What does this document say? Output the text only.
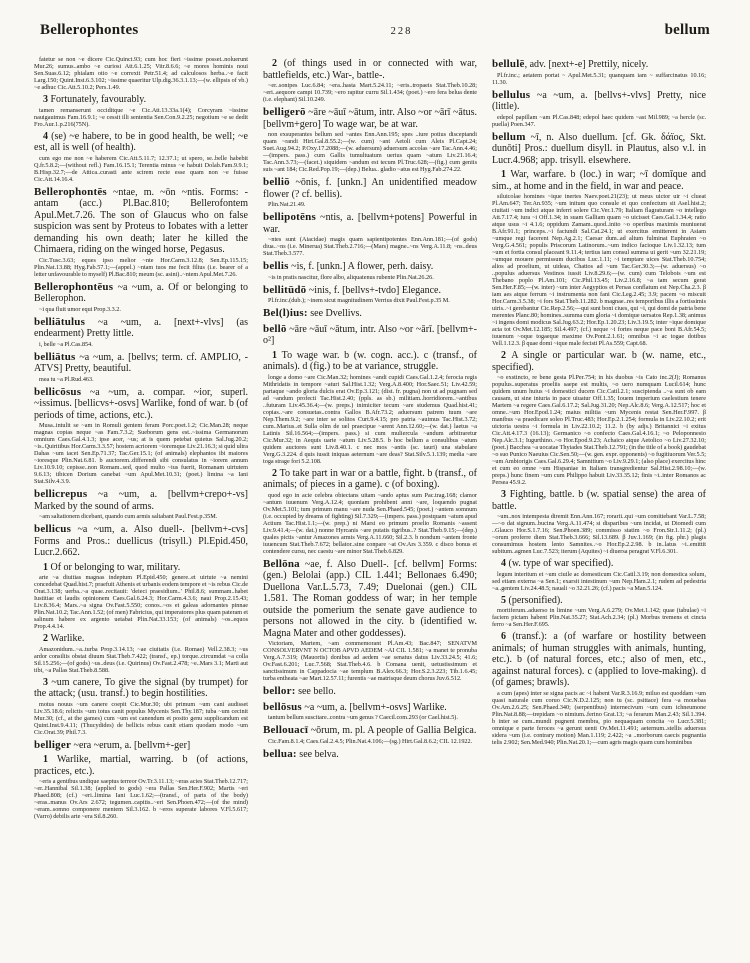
Bellerophontes	228	bellum

fatetur se non ~e dicere Cic.Quinct.93; cum hoc fieri ~issime posset..noluerunt Mur.26; sumus..ambo ~e curiosi Att.6.1.25; Vitr.8.6.6; ~e mores hominis noui Sen.Suas.6.12; phialam otio ~e correxit Petr.51.4; ad calculosos herba..~e facit Larg.150; Quint.Inst.6.3.102; ~issime quaeritur Ulp.dig.36.3.1.13;—(w. ellipsis of vb.) ~e adhuc Cic.Att.5.10.2; Pers.1.49.

3 Fortunately, favourably.

tamen remanserunt occiditque ~e Cic.Att.13.33a.1(4); Corcyram ~issime nauigauimus Fam.16.9.1; ~e cessit illi sententia Sen.Con.9.2.25; negotium ~e se dedit Fro.Aur.1.p.216(75N).

4 (se) ~e habere, to be in good health, be well; ~e est, all is well (of health).

cum ego me non ~e haberem Cic.Att.5.11.7; 12.37.1; ut spero, se..belle habebit Q.fr.5.8.2;—(without refl.) Fam.16.15.1; Terentia minus ~e habuit Dolab.Fam.9.9.1; B.Hisp.32.7;—de Attica..curasti ante scirem recte esse quam non ~e fuisse Cic.Att.14.16.4.

Bellerophontēs ~ntae, m. ~ōn ~ntis. Forms: -antam (acc.) Pl.Bac.810; Bellerofontem Apul.Met.7.26. The son of Glaucus who on false suspicion was sent by Proteus to Iobates with a letter demanding his own death; later he killed the Chimaera, riding on the winged horse, Pegasus.

Cic.Tusc.3.63; eques ipso melior ~nte Hor.Carm.3.12.8; Sen.Ep.115.15; Plin.Nat.13.88; Hyg.Fab.57.1;—(appel.) ~ntam tuos me fecit filius (i.e. bearer of a letter unfavourable to myself) Pl.Bac.810; meum (sc. asini)..~ntem Apul.Met.7.26.

Bellerophontēus ~a ~um, a. Of or belonging to Bellerophon.

~i qua fluit umor equi Prop.3.3.2.

belliātulus ~a ~um, a. [next+-vlvs] (as endearment) Pretty little.

i, belle ~a Pl.Cas.854.

belliātus ~a ~um, a. [bellvs; term. cf. AMPLIO, -ATVS] Pretty, beautiful.

mea tu ~a Pl.Rud.463.

bellicōsus ~a ~um, a. compar. ~ior, superl. ~issimus. [bellicvs+-osvs] Warlike, fond of war. b (of periods of time, actions, etc.).

Musa..intulit se ~am in Romuli gentem feram Porc.poet.1.2; Cic.Man.28; neque magnas copias neque ~as Fam.7.3.2; Sueborum gens est..~issima Germanorum omnium Caes.Gal.4.1.3; ipse acer, ~us; at is quem petebat quietus Sal.Jug.20.2; ~is..Quiritibus Hor.Carm.3.3.57; hostem acriorem ~ioremque Liv.21.16.3; si quid ultra Dahas ~um iacet Sen.Ep.71.37; Tac.Ger.15.1; (of animals) elephantos ibi maiores ~ioresque Plin.Nat.6.81. b auctorem..differendi sibi consulatus in ~iorem annum Liv.10.9.10; cepisse..non Romam..sed, quod multo ~ius fuerit, Romanam uirtutem 9.6.13; tibicen Dorium canebat ~um Apul.Met.10.31; (poet.) limina ~a Iani Stat.Silv.4.3.9.

bellicrepus ~a ~um, a. [bellvm+crepo+-vs] Marked by the sound of arms.

~am saltationem dicebant, quando cum armis saltabant Paul.Fest.p.35M.

bellicus ~a ~um, a. Also duell-. [bellvm+-cvs] Forms and Pros.: duellicus (trisyll.) Pl.Epid.450, Lucr.2.662.

1 Of or belonging to war, military.

arte ~a diuitias magnas indeptum Pl.Epid.450; genere..et uirtute ~a nemini concedebat Quad.hist.7; praefuit Athenis et urbanis eodem tempore et ~is rebus Cic.de Orat.3.138; uerba..~a quae..recitauit: 'deieci praesidium..' Phil.8.6; summam..habet Iustitiae et laudis opinionem Caes.Gal.6.24.3; Hor.Carm.4.3.6; naui Prop.2.15.43; Liv.8.36.4; Mars..~a signa Ov.Fast.5.550; conos..~os et galeas adornantes pinnae Plin.Nat.10.2; Tac.Ann.1.52; (of men) Fabricius, qui imperatores plus quam pateram et salinum habere ex argento uetabat Plin.Nat.33.153; (of animals) ~os..equos Prop.4.4.14.

2 Warlike.

Amazonidum..~a..turba Prop.3.14.13; ~ae ciuitatis (i.e. Romae) Vell.2.38.3; ~us ardor consiliis obstat diuum Stat.Theb.7.422; (transf., ep.) torque..circumdat ~a colla Sil.15.256;—(of gods) ~us..deus (i.e. Quirinus) Ov.Fast.2.478; ~e..Mars 3.1; Marti aut tibi, ~a Pallas Stat.Theb.8.588.

3 ~um canere, To give the signal (by trumpet) for the attack; (usu. transf.) to begin hostilities.

motus nouus ~um canere coepit Cic.Mur.30; ubi primum ~um cani audisset Liv.35.18.6; relictis ~um totus canit populus Mycenis Sen.Thy.187; tuba ~um cecinit Mur.30; (cf., at the games) cum ~um est canendum et posito genu supplicandum est Quint.Inst.9.4.11; (Thucydides) de bellicis rebus canit etiam quodam modo ~um Cic.Orat.39; Phil.7.3.

belliger ~era ~erum, a. [bellvm+-ger]

1 Warlike, martial, warring. b (of actions, practices, etc.).

~eris a gentibus undique saeptus terreor Ov.Tr.3.11.13; ~eras acies Stat.Theb.12.717; ~er..Hannibal Sil.1.38; (applied to gods) ~era Pallas Sen.Her.F.902; Martis ~eri Phaed.808; (cf.) ~eri..limina Iani Luc.1.62;—(transf., of parts of the body) ~eras..manus Ov.Ars 2.672; tegumen..capitis..~eri Sen.Phoen.472;—(of the mind) ~eram..somno componere mentem Sil.3.162. b ~eros superate labores V.Fl.5.617; (Varro) debilis arte ~era Sil.8.260.

2 (of things used in or connected with war, battlefields, etc.) War-, battle-.

~er..sonipes Luc.6.84; ~era..hasta Mart.5.24.11; ~eris..tropaeis Stat.Theb.10.28; ~eri..aequore campi 10.739; ~ero rapitur curru Sil.1.434; (poet.) ~ero fera belua dente (i.e. elephant) Sil.10.249.

belligerō ~āre ~āuī ~ātum, intr. Also ~or ~ārī ~ātus. [bellvm+gero] To wage war, be at war.

non exsuperantes bellum sed ~antes Enn.Ann.195; spes ..iure potius disceptandi quam ~randi Hirt.Gal.8.55.2;—(w. cum) ~ant Aetoli cum Aleis Pl.Capt.24; Suet.Aug.94.2; P.Oxy.17.2088;—(w. aduersum) aduersum accolas ~are Tac.Ann.4.46;—(impers. pass.) cum Gallis tumultuatum uerius quam ~atum Liv.21.16.4; Tac.Ann.3.73;—(facet.) siquidem ~andum est tecum Pl.Truc.628;—(fig.) cum geniis suis ~ant 184; Cic.Red.Pop.19;—(dep.) Belua.. gladio ~atus est Hyg.Fab.274.22.

belliō ~ōnis, f. [unkn.] An unidentified meadow flower (? cf. bellis).

Plin.Nat.21.49.

bellipotēns ~ntis, a. [bellvm+potens] Powerful in war.

~ntes sunt (Aiacidae) magis quam sapientipotentes Enn.Ann.181;—(of gods) diua..~ns (i.e. Minerua) Stat.Theb.2.716;—(Mars) magne..~ns Verg.A.11.8; ~ns..deus Stat.Theb.3.577.

bellis ~is, f. [unkn.] A flower, perh. daisy.

~is in pratis nascitur, flore albo, aliquatenus rubente Plin.Nat.26.26.

bellitūdō ~inis, f. [bellvs+-tvdo] Elegance.

Pl.fr.inc.(dub.); ~inem sicut magnitudinem Verrius dixit Paul.Fest.p.35 M.

Bel(l)ius: see Dvellivs.

bellō ~āre ~āuī ~ātum, intr. Also ~or ~ārī. [bellvm+-o²]

1 To wage war. b (w. cogn. acc.). c (transf., of animals). d (fig.) to be at variance, struggle.

longe a domo ~are Cic.Man.32; homines ~andi cupidi Caes.Gal.1.2.4; ferocia regis Mithridatis in tempore ~aturi Sal.Hist.1.32; Verg.A.8.400; Hor.Saec.51; Liv.42.59; partaque ~ando gloria dulcis erat Ov.Ep.3.121; (dist. fr. pugna) non ut ad pugnam sed ad ~andum profecti Tac.Hist.2.40; (ppls. as sb.) militiam..horridiorem..~antibus ..futuram Liv.45.36.4;—(w. preps.) inimiciter tecum ~are studemus Quad.hist.41; copias..~are consuetas..contra Gallos B.Afr.73.2; aduersum patrem tuum ~are Nep.Them.9.2; ~are inter se solitos Curt.9.4.15; pro patria ~auimus Tac.Hist.3.72; cum..Marius..et Sulla olim de uel praecipue ~arent Ann.12.60;—(w. dat.) laetus ~a Latinis Sil.16.564;—(impers. pass.) si cum muliercula ~andum arbitraretur Cic.Mur.32; in Aequis uarie ~atum Liv.5.28.5. b hoc bellum a consulibus ~atum quidem auctores sunt Liv.8.40.1. c nec mos ~antis (sc. tauri) una stabulare Verg.G.3.224. d quis iussit iniquas aeternum ~are deas? Stat.Silv.5.1.139; media ~are toga strage fori 5.2.108.

2 To take part in war or a battle, fight. b (transf., of animals; of pieces in a game). c (of boxing).

quod ego in acie celebra obiectans uitam ~ando aptus sum Pac.trag.168; clamor ~antum iuuenum Verg.A.12.4; quoniam prohibent anni ~are, loquendo pugnat Ov.Met.5.101; tum primum manu ~are nuda Sen.Phaed.545; (poet.) ~antem somnum (i.e. occupied by dreams of fighting) Sil.7.329;—(impers. pass.) postquam ~atum apud Actium Tac.Hist.1.1;—(w. prep.) ni Marsi eo primum proelio Romanis ~assent Liv.9.41.4;—(w. dat.) nonne Hyrcanis ~are putatis tigribus..? Stat.Theb.9.15;—(dep.) quales pictis ~antur Amazones armis Verg.A.11.660; Sil.2.3. b nondum ~antem fronte iuuencum Stat.Theb.7.672; bellator..sine conpare ~at Ov.Ars 3.359. c disco bonus et contendere cursu, nec caestu ~are minor Stat.Theb.6.829.

Bellōna ~ae, f. Also Duell-. [cf. bellvm] Forms: (gen.) Belolai (app.) CIL 1.441; Bellonaes 6.490; Duellona Var.L.5.73, 7.49; Duelonai (gen.) CIL 1.581. The Roman goddess of war; in her temple outside the pomerium the senate gave audience to persons not allowed in the city. b (identified w. Magna Mater and other goddesses).

Victoriam, Martem, ~am commemorant Pl.Am.43; Bac.847; SENATVM CONSOLVERVNT N OCTOB APVD AEDEM ~AI CIL 1.581; ~a manet te pronuba Verg.A.7.319; (Mauortis) donibus ad aedem ~ae senatus datus Liv.33.24.5; 41.6; Ov.Fast.6.201; Luc.7.568; Stat.Theb.4.6. b Comana uenit, uetustissimum et sanctissimum in Cappadocia ~ae templum B.Alex.66.3; Hor.S.2.3.223; Tib.1.6.45; turba entheata ~ae Mart.12.57.11; furentis ~ae matrisque deum chorus Juv.6.512.

bellor: see bello.

bellōsus ~a ~um, a. [bellvm+-osvs] Warlike.

tantum bellum suscitare..contra ~um genus ? Caecil.com.293 (or Cael.hist.5).

Bellouacī ~ōrum, m. pl. A people of Gallia Belgica.

Cic.Fam.8.1.4; Caes.Gal.2.4.5; Plin.Nat.4.106;—(sg.) Hirt.Gal.8.6.2; CIL 12.1922.

bellua: see belva.

bellulē, adv. [next+-e] Prettily, nicely.

Pl.fr.inc.; aetatem portat ~ Apul.Met.5.31; quanquam iam ~ suffarcinatus 10.16; 11.30.

bellulus ~a ~um, a. [bellvs+-vlvs] Pretty, nice (little).

edepol papillam ~am Pl.Cas.848; edepol haec quidem ~ast Mil.989; ~a hercle (sc. puella) Poen.347.

bellum ~ī, n. Also duellum. [cf. Gk. δάϊος, Skt. dunōti] Pros.: duellum disyll. in Plautus, also v.l. in Lucr.4.968; app. trisyll. elsewhere.

1 War, warfare. b (loc.) in war; ~ī domīque and sim., at home and in the field, in war and peace.

siluicolae homines ~ique inertes Naev.poet.21(23); ut meus uictor uir ~i clueat Pl.Am.647; Ter.An.935; ~um initum quo consule et quo confectum sit Asel.hist.2; ciuitati ~um indici atque inferri solere Cic.Ver.1.79; Italiam flagraturam ~o intellego Att.7.17.4; iura ~i Off.1.34; in suam Galliam quam ~o uicisset Caes.Gal.1.34.4; ratio atque usus ~i 4.1.6; oppidum Zamam..quod..inito ~o operibus maximis muniuerat B.Afr.91.1; princeps..~i faciundi Sal.Cat.24.1; ut exercitus emitterent in Asiam ~umque regi facerent Nep.Ag.2.1; Caesar dum..ad altum fulminat Euphraten ~o Verg.G.4.561; populis Priscorum Latinorum..~um indico facioque Liv.1.32.13; tum ~um et fortia consul placeant 9.11.4; tertius iam consul summa ui gerit ~um 32.21.19; ~umque mouere permissum ducibus Luc.1.11; ~i temptare uices Stat.Theb.10.754; alios ad proelium, ut uideas, Chattos ad ~um Tac.Ger.30.3;—(w. aduersus) ~o ..populus aduersus Vestinos iussit Liv.8.29.6;—(w. cum) cum Telobois ~um est Thebano poplo Pl.Am.101; Cic.Phil.13.45; Liv.2.16.8; ~a iam secum gerat Sen.Her.F.85;—(w. inter) ~um inter Aegyptios et Persas conflatum est Nep.Cha.2.3. β iam aes atque ferrum ~i instrumenta non fani Cic.Leg.2.45; 3.9; pacem ~o miscuit Hor.Carm.3.5.38; ~i fors Stat.Theb.11.282. b magnae..res temporibus illis a fortissimis uiris..~i gerebantur Cic.Rep.2.56;—qui sunt boni ciues, qui ~i, qui domi de patria bene merentes Planc.80; homines..summa cum gloria ~i domique uersatos Rep.1.38; animus ~i ingens domi modicus Sal.Jug.63.2; Hor.Ep.1.20.23; Liv.3.19.5; inter ~ique domique acta tot Ov.Met.12.185; Sil.4.497; (cf.) neque ~i fortes neque pace boni B.Afr.54.5; iuuenum ~oque togaeque maxime Ov.Pont.2.1.61; omnibus ~i ac togae dotibus Vell.1.12.3. β quae domi ~ique male fecisti Pl.As.559; Capt.68.

2 A single or particular war. b (w. name, etc., specified).

~o exstincto, re bene gesta Pl.Per.754; in his duobus ~is Cato inc.2(J); Romanus populus..superatus proeliis saepe est multis, ~o uero numquam Lucil.614; hunc quidem unum huius ~i domestici ducem Cic.Catil.2.1; suscipienda ..~a sunt ob eam causam, ut sine iniuria in pace uiuatur Off.1.35; Iouem imperium caelestium tenere Martem ~a regere Caes.Gal.6.17.2; Sal.Jug.31.20; Nep.Alc.8.6; Verg.A.12.517; hoc et omne..~um Hor.Epod.1.24; maius militia ~um Mycenis restat Sen.Her.F.997. β manibus ~a praedicare soleo Pl.Truc.483; Hor.Ep.2.1.254; formula in Liv.22.10.2; erit uictoria uestra ~i formula in Liv.22.10.2; 11.2. b (by adjs.) Britannici ~i exitus Cic.Att.4.17.3 (16.13); Germanico ~o confecto Caes.Gal.4.16.1; ~o Peloponnesio Nep.Alc.3.1; Iugurthino..~o Hor.Epod.9.23; Achaico atque Aetolico ~o Liv.27.32.10; (poet.) Bacchea ~a uocatae Thyiades Stat.Theb.12.791; (in the title of a book) gaudebat ~o suo Punico Naeuius Cic.Sen.50;—(w. gen. expr. opponents) ~o fugitiuorum Ver.5.5; ~um Ambiorigis Caes.Gal.6.29.4; Samnitium ~o Liv.9.29.1; (also place) exercitus hinc et cum eo omne ~um Hispaniae in Italiam transgredientur Sal.Hist.2.98.10;—(w. preps.) hunc finem ~um cum Philippo habuit Liv.33.35.12; finis ~i..inter Romanos ac Persea 45.9.2.

3 Fighting, battle. b (w. spatial sense) the area of battle.

~um..nox intempesta diremit Enn.Ann.167; rorarii..qui ~um comittebant Var.L.7.58;—~o dat signum..bucina Verg.A.11.474; si disparibus ~um incidat, ut Diomedi cum ..Glauco Hor.S.1.7.16; Sen.Phoen.389; commisso statim ~o Fron.Str.1.11.2; (pl.) ~orum proferre diem Stat.Theb.3.666; Sil.13.689. β Juv.1.169; (in fig. phr.) plagis consumimus hostem lento Samnites..~o Hor.Ep.2.2.98. b in..latus ~i..emittit subitum..agmen Luc.7.523; iterum (Aquites) ~i diuersa peragrat V.Fl.6.301.

4 (w. type of war specified).

legum interitum et ~um ciuile ac domesticum Cic.Catil.3.19; non domestica solum, sed etiam externa ~a Sen.1; exarsit intestinum ~um Nep.Ham.2.1; rudem ad pedestria ~a..gentem Liv.24.48.5; nauali ~o 32.21.26; (cf.) pacis ~a Man.5.124.

5 (personified).

mortiferum..aduerso in limine ~um Verg.A.6.279; Ov.Met.1.142; quae (tabulae) ~i faciem pictam habent Plin.Nat.35.27; Stat.Ach.2.34; (pl.) Morbus tremens et cincta ferro ~a Sen.Her.F.695.

6 (transf.): a (of warfare or hostility between animals; of human struggles with animals, hunting, etc.). b (of natural forces, etc.; also of men, etc., against natural forces). c (applied to love-making). d (of games; brawls).

a cum (apes) inter se signa pacis ac ~i habent Var.R.3.16.9; miluo est quoddam ~um quasi naturale cum coruo Cic.N.D.2.125; non tu (sc. psittace) fera ~a mouebas Ov.Am.2.6.25; Sen.Phaed.340; (serpentibus) internecivum ~um cum ichneumone Plin.Nat.8.88;—trepidam ~o nimium..ferino Grat.13; ~a ferarum Man.2.43; Sil.1.394. b inter se cum..mundi pugnent membra, pio nequaquam concita ~o Lucr.5.381; omnique e parte feroces ~a gerunt uenti Ov.Met.11.491; aeternum..stellis aduersus sidera ~um (i.e. contrary motion) Man.1.119; 2.422; ~a ..morborum caecis pugnantia telis 2.902; Sen.Med.940; Plin.Nat.20.1;—cum agris magis quam cum hominibus
